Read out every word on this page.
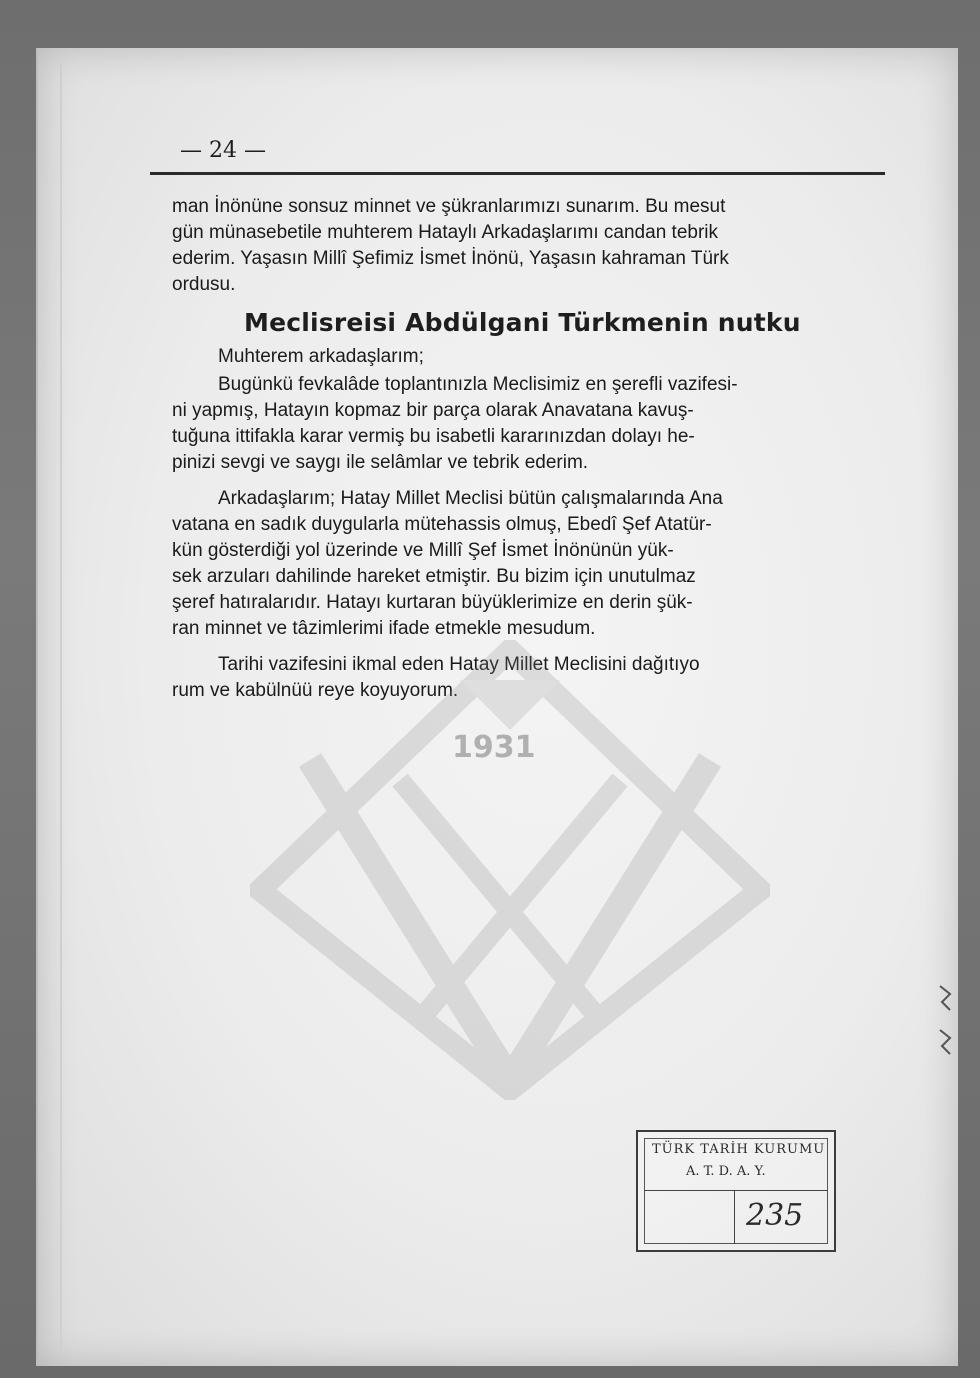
— 24 —
man İnönüne sonsuz minnet ve şükranlarımızı sunarım. Bu mesut
gün münasebetile muhterem Hataylı Arkadaşlarımı candan tebrik
ederim. Yaşasın Millî Şefimiz İsmet İnönü, Yaşasın kahraman Türk
ordusu.
Meclisreisi Abdülgani Türkmenin nutku
Muhterem arkadaşlarım;
Bugünkü fevkalâde toplantınızla Meclisimiz en şerefli vazifesi-
ni yapmış, Hatayın kopmaz bir parça olarak Anavatana kavuş-
tuğuna ittifakla karar vermiş bu isabetli kararınızdan dolayı he-
pinizi sevgi ve saygı ile selâmlar ve tebrik ederim.
Arkadaşlarım; Hatay Millet Meclisi bütün çalışmalarında Ana
vatana en sadık duygularla mütehassis olmuş, Ebedî Şef Atatür-
kün gösterdiği yol üzerinde ve Millî Şef İsmet İnönünün yük-
sek arzuları dahilinde hareket etmiştir. Bu bizim için unutulmaz
şeref hatıralarıdır. Hatayı kurtaran büyüklerimize en derin şük-
ran minnet ve tâzimlerimi ifade etmekle mesudum.
Tarihi vazifesini ikmal eden Hatay Millet Meclisini dağıtıyo
rum ve kabülnüü reye koyuyorum.
1931
TÜRK TARİH KURUMU
A. T. D. A. Y.
235
